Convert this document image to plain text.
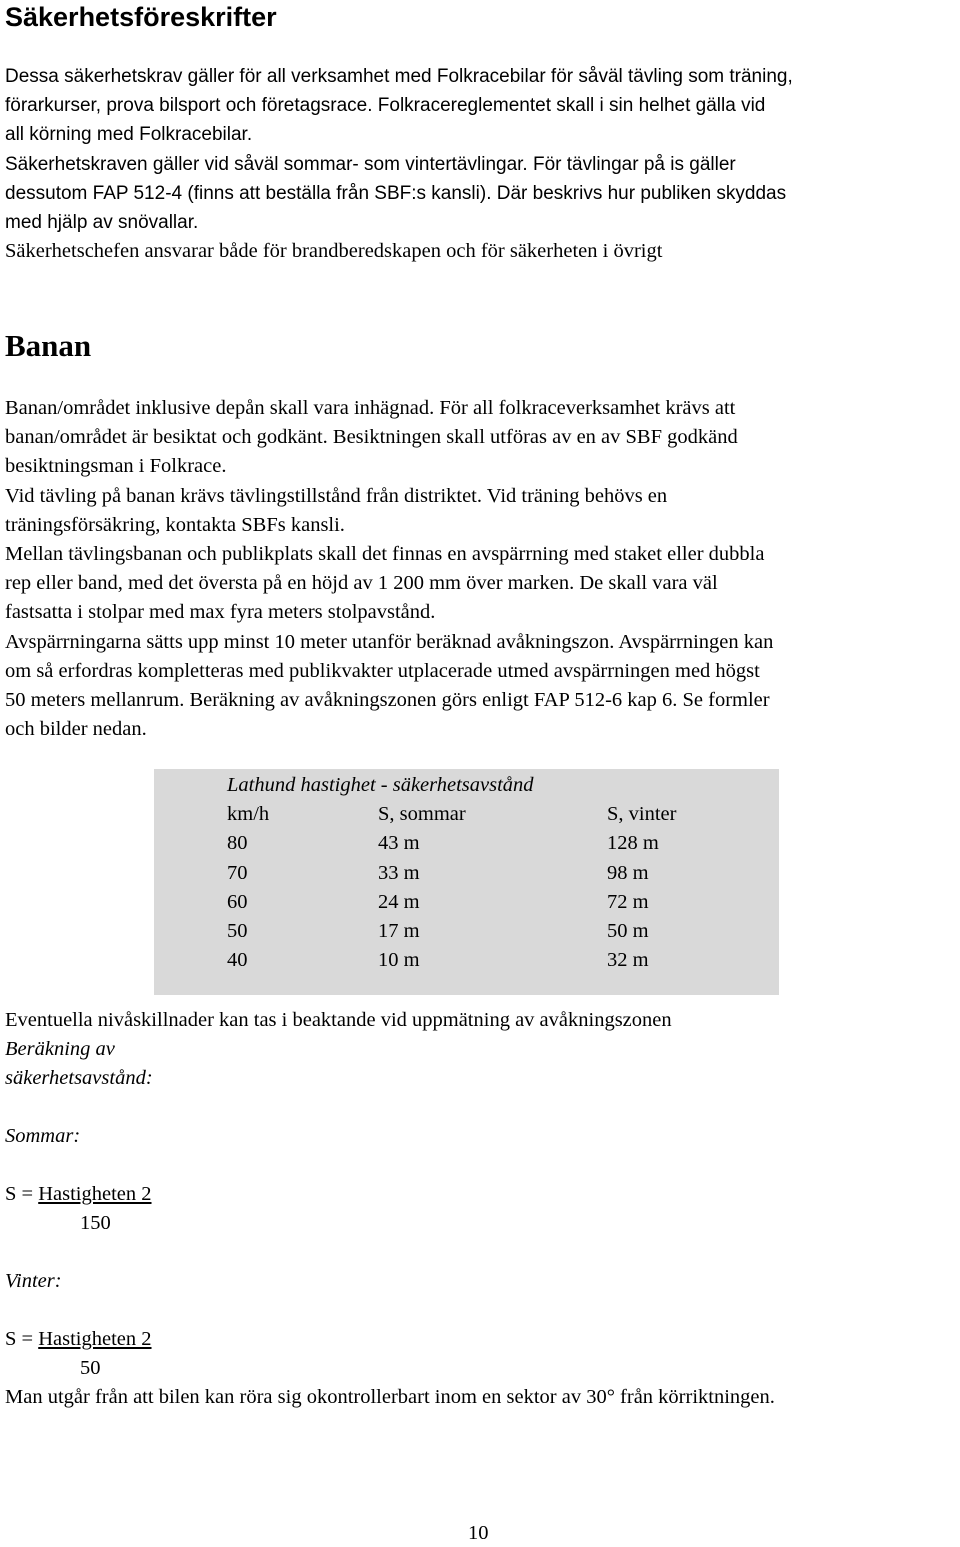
Säkerhetsföreskrifter

Dessa säkerhetskrav gäller för all verksamhet med Folkracebilar för såväl tävling som träning,

förarkurser, prova bilsport och företagsrace. Folkracereglementet skall i sin helhet gälla vid

all körning med Folkracebilar.

Säkerhetskraven gäller vid såväl sommar- som vintertävlingar. För tävlingar på is gäller

dessutom FAP 512-4 (finns att beställa från SBF:s kansli). Där beskrivs hur publiken skyddas

med hjälp av snövallar.

Säkerhetschefen ansvarar både för brandberedskapen och för säkerheten i övrigt

Banan

Banan/området inklusive depån skall vara inhägnad. För all folkraceverksamhet krävs att

banan/området är besiktat och godkänt. Besiktningen skall utföras av en av SBF godkänd

besiktningsman i Folkrace.

Vid tävling på banan krävs tävlingstillstånd från distriktet. Vid träning behövs en

träningsförsäkring, kontakta SBFs kansli.

Mellan tävlingsbanan och publikplats skall det finnas en avspärrning med staket eller dubbla

rep eller band, med det översta på en höjd av 1 200 mm över marken. De skall vara väl

fastsatta i stolpar med max fyra meters stolpavstånd.

Avspärrningarna sätts upp minst 10 meter utanför beräknad avåkningszon. Avspärrningen kan

om så erfordras kompletteras med publikvakter utplacerade utmed avspärrningen med högst

50 meters mellanrum. Beräkning av avåkningszonen görs enligt FAP 512-6 kap 6. Se formler

och bilder nedan.

Lathund hastighet - säkerhetsavstånd
km/h	S, sommar	S, vinter
80	43 m	128 m
70	33 m	98 m
60	24 m	72 m
50	17 m	50 m
40	10 m	32 m
Eventuella nivåskillnader kan tas i beaktande vid uppmätning av avåkningszonen
Beräkning av
säkerhetsavstånd:
Sommar:
S = Hastigheten 2
150
Vinter:
S = Hastigheten 2
50
Man utgår från att bilen kan röra sig okontrollerbart inom en sektor av 30° från körriktningen.
10
